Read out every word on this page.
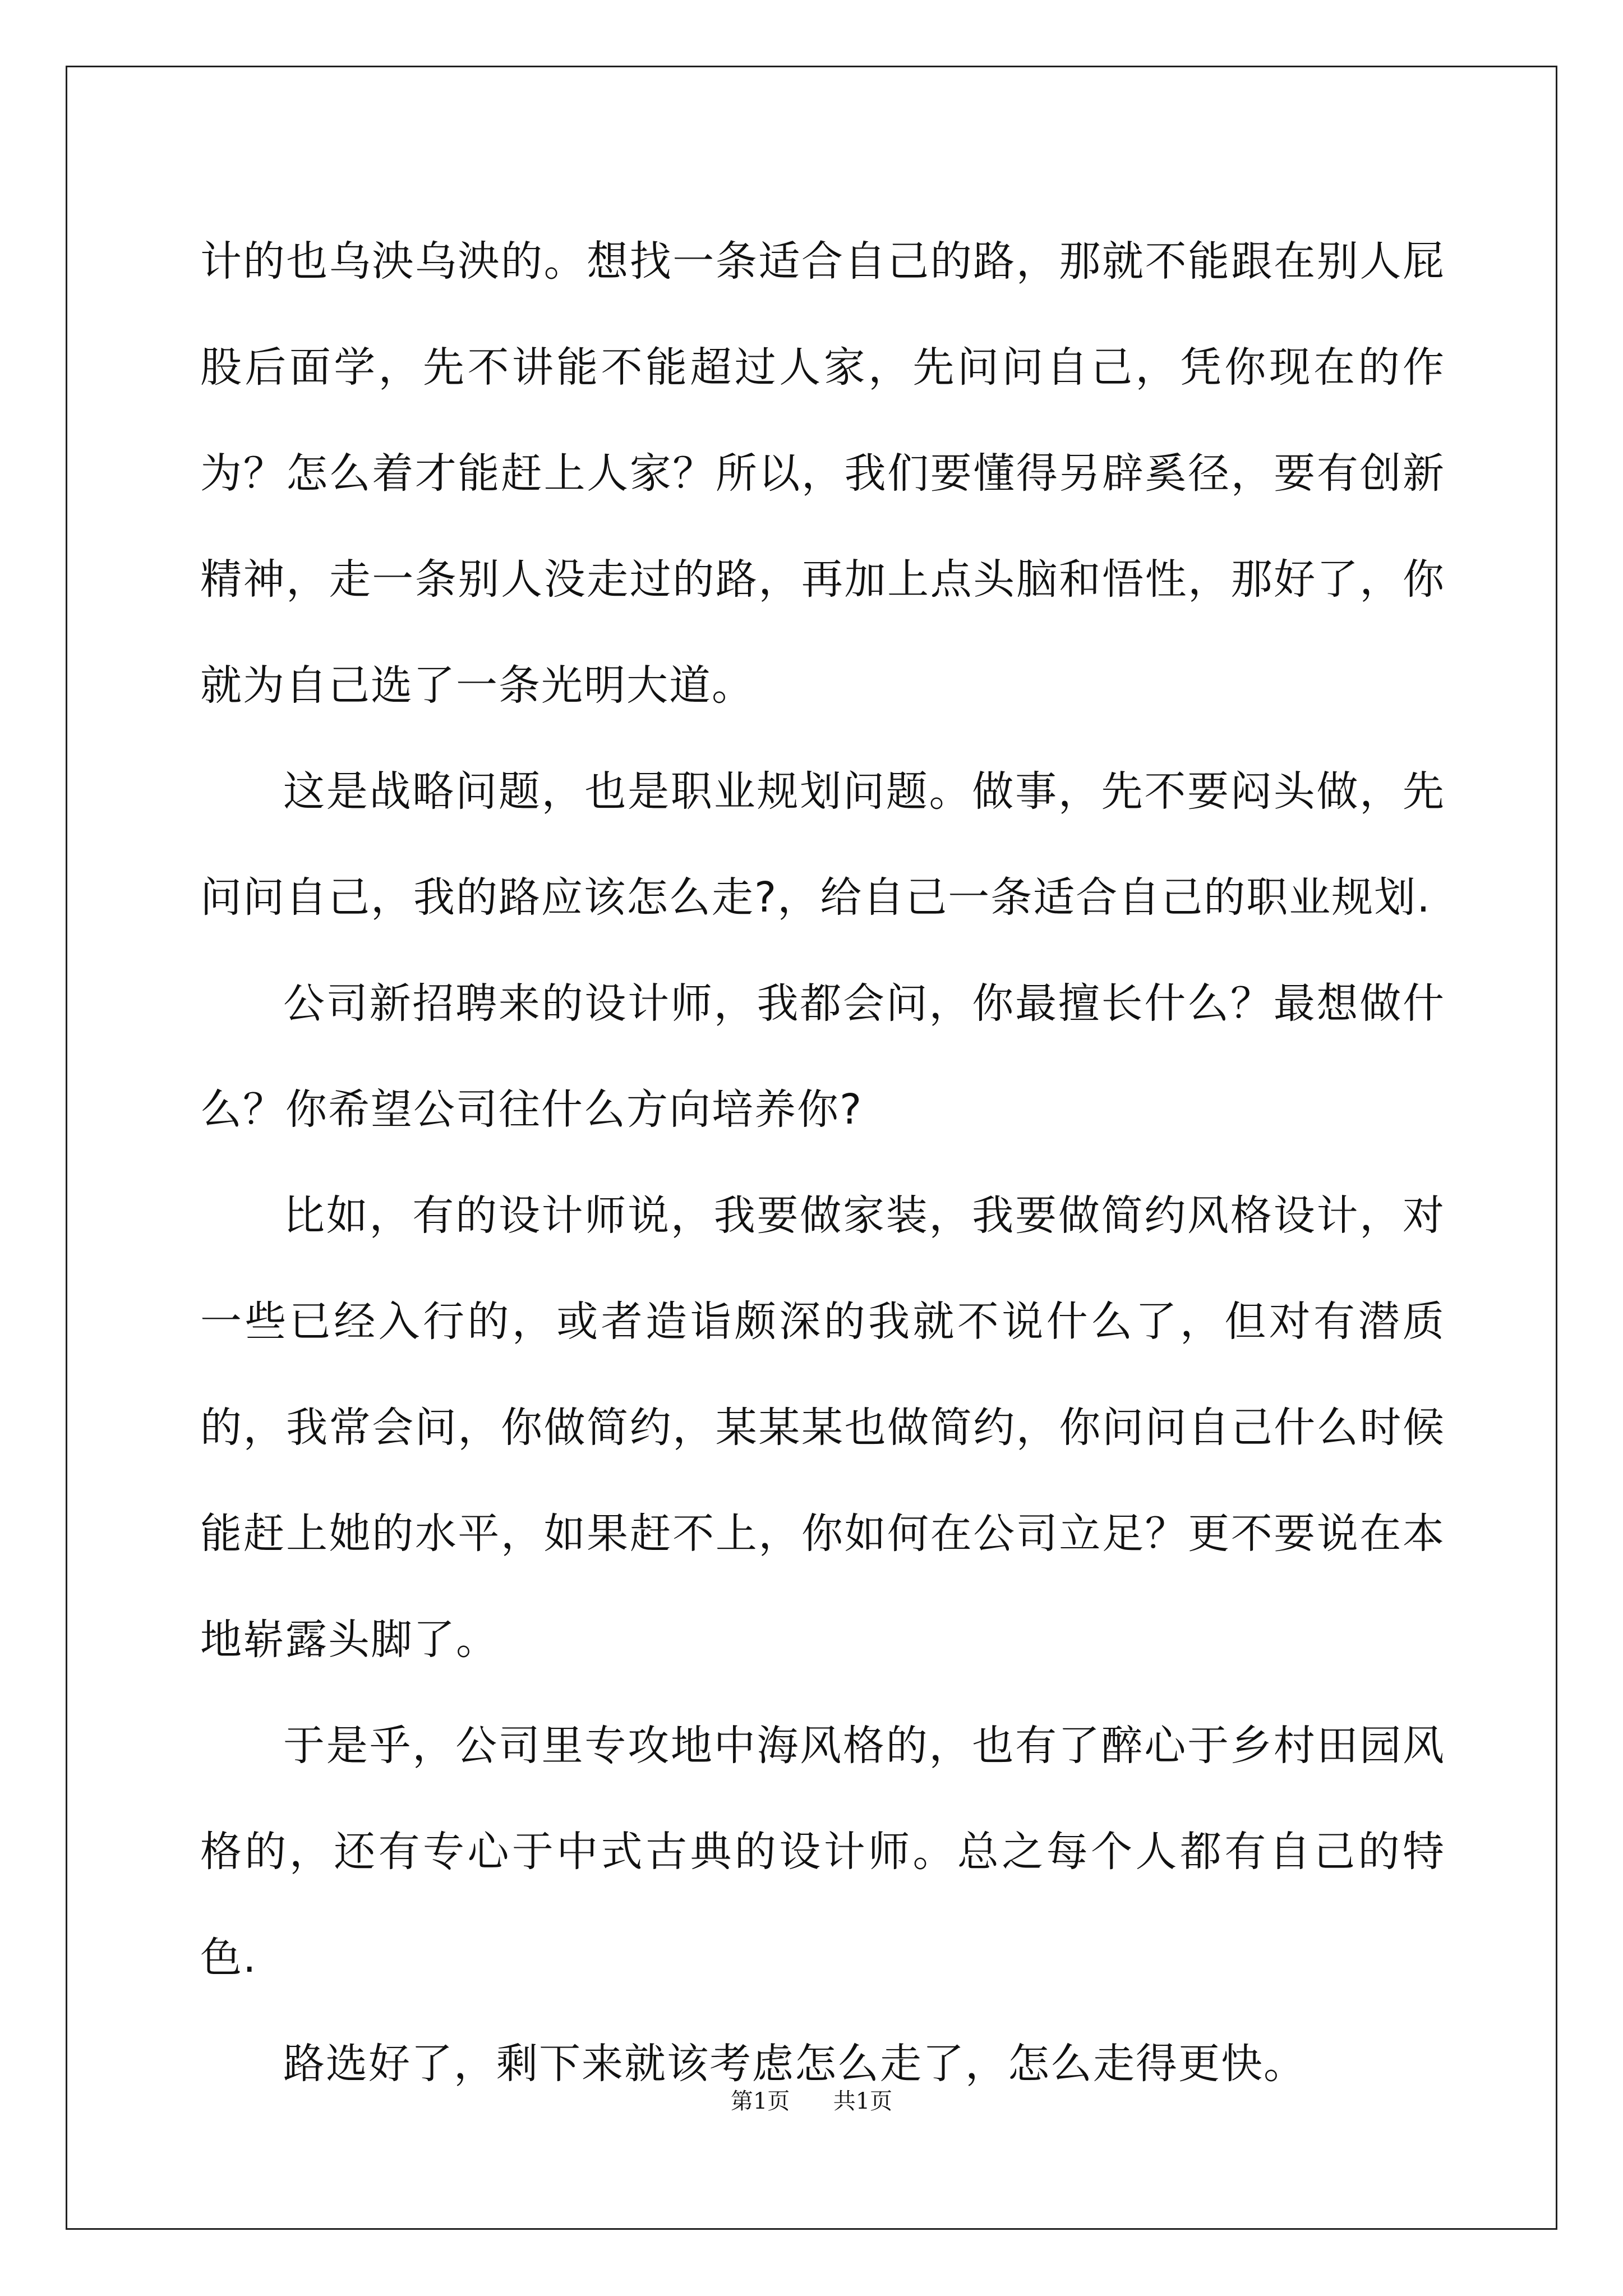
计的也乌泱乌泱的。想找一条适合自己的路，那就不能跟在别人屁股后面学，先不讲能不能超过人家，先问问自己，凭你现在的作为？怎么着才能赶上人家？所以，我们要懂得另辟奚径，要有创新精神，走一条别人没走过的路，再加上点头脑和悟性，那好了，你就为自己选了一条光明大道。

这是战略问题，也是职业规划问题。做事，先不要闷头做，先问问自己，我的路应该怎么走?，给自己一条适合自己的职业规划.

公司新招聘来的设计师，我都会问，你最擅长什么？最想做什么？你希望公司往什么方向培养你?

比如，有的设计师说，我要做家装，我要做简约风格设计，对一些已经入行的，或者造诣颇深的我就不说什么了，但对有潜质的，我常会问，你做简约，某某某也做简约，你问问自己什么时候能赶上她的水平，如果赶不上，你如何在公司立足？更不要说在本地崭露头脚了。

于是乎，公司里专攻地中海风格的，也有了醉心于乡村田园风格的，还有专心于中式古典的设计师。总之每个人都有自己的特色.

路选好了，剩下来就该考虑怎么走了，怎么走得更快。

第1页 共1页
